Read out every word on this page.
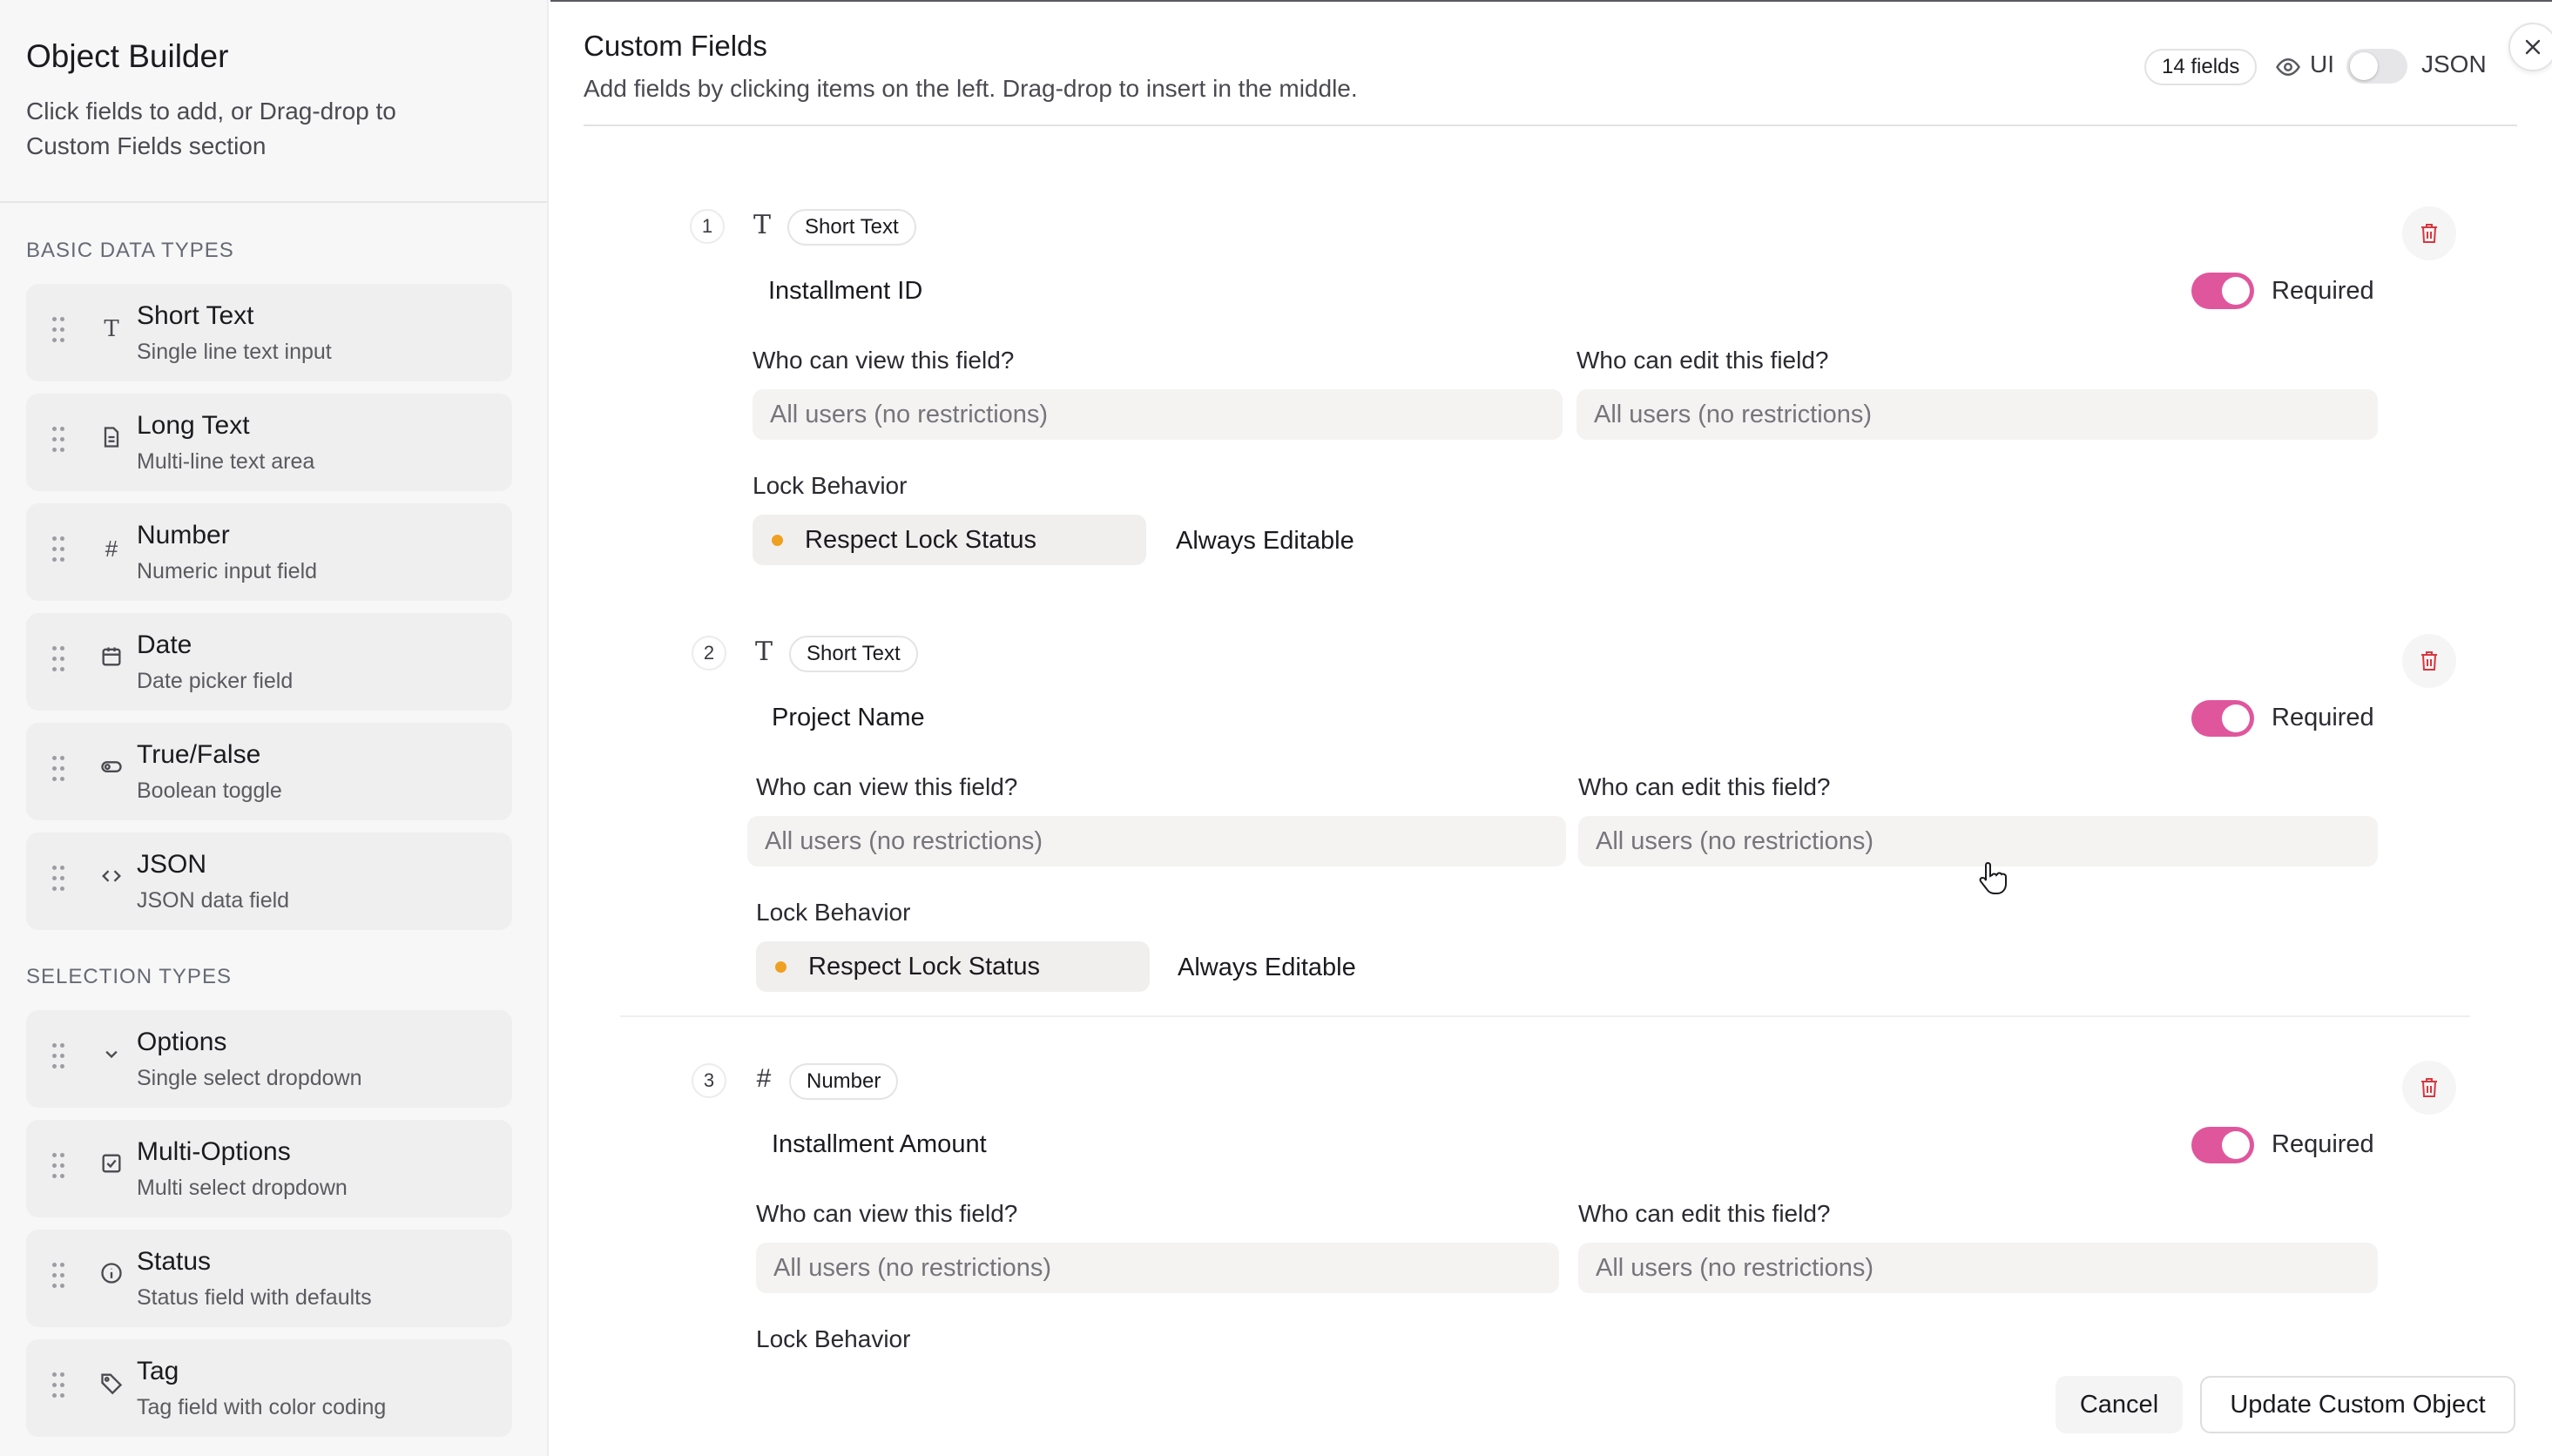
Object Builder
Click fields to add, or Drag-drop to Custom Fields section
BASIC DATA TYPES
T Short Text
Single line text input
Long Text
Multi-line text area
# Number
Numeric input field
Date
Date picker field
True/False
Boolean toggle
JSON
JSON data field
SELECTION TYPES
Options
Single select dropdown
Multi-Options
Multi select dropdown
Status
Status field with defaults
Tag
Tag field with color coding
Custom Fields
Add fields by clicking items on the left. Drag-drop to insert in the middle.
14 fields	UI	JSON
1	T	Short Text
Installment ID	Required
Who can view this field?	Who can edit this field?
All users (no restrictions)	All users (no restrictions)
Lock Behavior
Respect Lock Status	Always Editable
2	T	Short Text
Project Name	Required
Who can view this field?	Who can edit this field?
All users (no restrictions)	All users (no restrictions)
Lock Behavior
Respect Lock Status	Always Editable
3	#	Number
Installment Amount	Required
Who can view this field?	Who can edit this field?
All users (no restrictions)	All users (no restrictions)
Lock Behavior
Cancel	Update Custom Object
